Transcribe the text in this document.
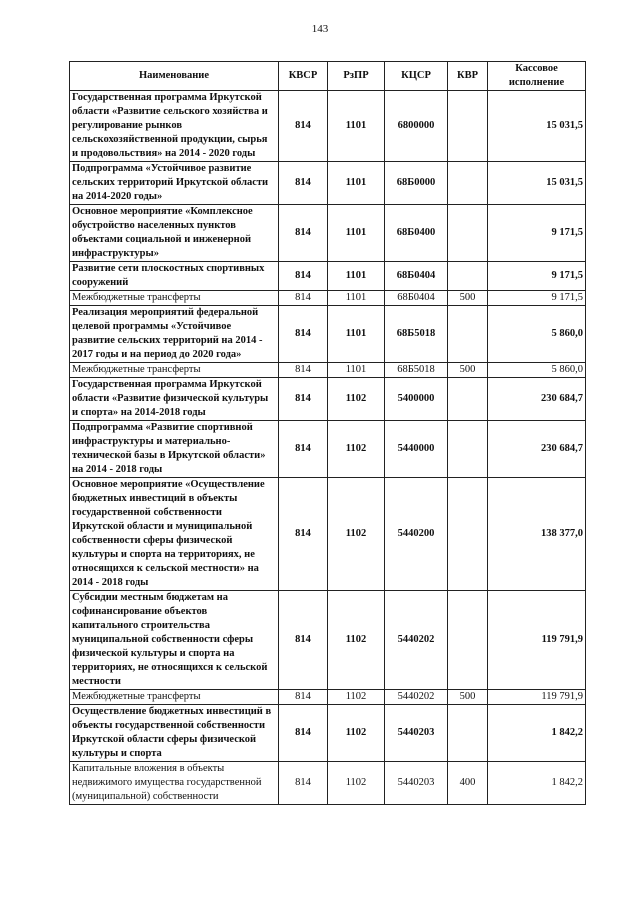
143
Наименование	КВСР	РзПР	КЦСР	КВР	Кассовое исполнение
Государственная программа Иркутской области «Развитие сельского хозяйства и регулирование рынков сельскохозяйственной продукции, сырья и продовольствия» на 2014 - 2020 годы	814	1101	6800000		15 031,5
Подпрограмма «Устойчивое развитие сельских территорий Иркутской области на 2014-2020 годы»	814	1101	68Б0000		15 031,5
Основное мероприятие «Комплексное обустройство населенных пунктов объектами социальной и инженерной инфраструктуры»	814	1101	68Б0400		9 171,5
Развитие сети плоскостных спортивных сооружений	814	1101	68Б0404		9 171,5
Межбюджетные трансферты	814	1101	68Б0404	500	9 171,5
Реализация мероприятий федеральной целевой программы «Устойчивое развитие сельских территорий на 2014 - 2017 годы и на период до 2020 года»	814	1101	68Б5018		5 860,0
Межбюджетные трансферты	814	1101	68Б5018	500	5 860,0
Государственная программа Иркутской области «Развитие физической культуры и спорта» на 2014-2018 годы	814	1102	5400000		230 684,7
Подпрограмма «Развитие спортивной инфраструктуры и материально-технической базы в Иркутской области» на 2014 - 2018 годы	814	1102	5440000		230 684,7
Основное мероприятие «Осуществление бюджетных инвестиций в объекты государственной собственности Иркутской области и муниципальной собственности сферы физической культуры и спорта на территориях, не относящихся к сельской местности» на 2014 - 2018 годы	814	1102	5440200		138 377,0
Субсидии местным бюджетам на софинансирование объектов капитального строительства муниципальной собственности сферы физической культуры и спорта на территориях, не относящихся к сельской местности	814	1102	5440202		119 791,9
Межбюджетные трансферты	814	1102	5440202	500	119 791,9
Осуществление бюджетных инвестиций в объекты государственной собственности Иркутской области сферы физической культуры и спорта	814	1102	5440203		1 842,2
Капитальные вложения в объекты недвижимого имущества государственной (муниципальной) собственности	814	1102	5440203	400	1 842,2
